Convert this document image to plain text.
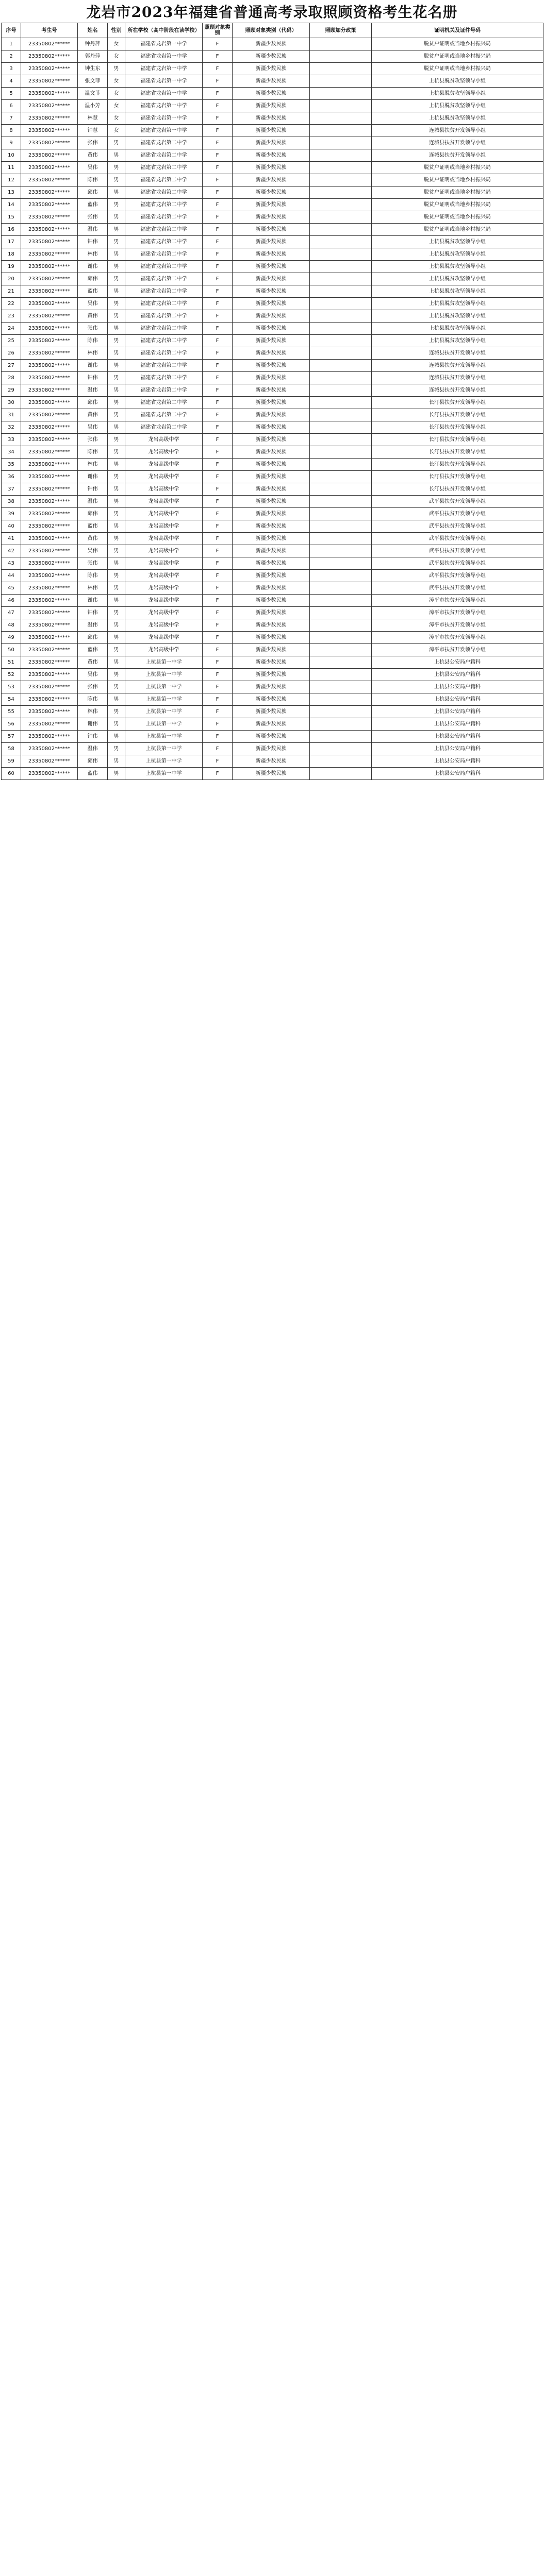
龙岩市2023年福建省普通高考录取照顾资格考生花名册
序号	考生号	姓名	性别	所在学校（高中阶段在读学校）	照顾对象类别	照顾对象类别（代码）	照顾加分政策	证明机关及证件号码
1	23350802******	钟丹萍	女	福建省龙岩第一中学	F	新疆少数民族		脱贫户证明或当地乡村振兴局
2	23350802******	郭丹萍	女	福建省龙岩第一中学	F	新疆少数民族		脱贫户证明或当地乡村振兴局
3	23350802******	钟生东	男	福建省龙岩第一中学	F	新疆少数民族		脱贫户证明或当地乡村振兴局
4	23350802******	张文菲	女	福建省龙岩第一中学	F	新疆少数民族		上杭县脱贫攻坚领导小组
5	23350802******	温文菲	女	福建省龙岩第一中学	F	新疆少数民族		上杭县脱贫攻坚领导小组
6	23350802******	温小芳	女	福建省龙岩第一中学	F	新疆少数民族		上杭县脱贫攻坚领导小组
7	23350802******	林慧	女	福建省龙岩第一中学	F	新疆少数民族		上杭县脱贫攻坚领导小组
8	23350802******	钟慧	女	福建省龙岩第一中学	F	新疆少数民族		连城县扶贫开发领导小组
9	23350802******	张伟	男	福建省龙岩第二中学	F	新疆少数民族		连城县扶贫开发领导小组
10	23350802******	黄伟	男	福建省龙岩第二中学	F	新疆少数民族		连城县扶贫开发领导小组
11	23350802******	吴伟	男	福建省龙岩第二中学	F	新疆少数民族		脱贫户证明或当地乡村振兴局
12	23350802******	陈伟	男	福建省龙岩第二中学	F	新疆少数民族		脱贫户证明或当地乡村振兴局
13	23350802******	邱伟	男	福建省龙岩第二中学	F	新疆少数民族		脱贫户证明或当地乡村振兴局
14	23350802******	蓝伟	男	福建省龙岩第二中学	F	新疆少数民族		脱贫户证明或当地乡村振兴局
15	23350802******	张伟	男	福建省龙岩第二中学	F	新疆少数民族		脱贫户证明或当地乡村振兴局
16	23350802******	温伟	男	福建省龙岩第二中学	F	新疆少数民族		脱贫户证明或当地乡村振兴局
17	23350802******	钟伟	男	福建省龙岩第二中学	F	新疆少数民族		上杭县脱贫攻坚领导小组
18	23350802******	林伟	男	福建省龙岩第二中学	F	新疆少数民族		上杭县脱贫攻坚领导小组
19	23350802******	谢伟	男	福建省龙岩第二中学	F	新疆少数民族		上杭县脱贫攻坚领导小组
20	23350802******	邱伟	男	福建省龙岩第二中学	F	新疆少数民族		上杭县脱贫攻坚领导小组
21	23350802******	蓝伟	男	福建省龙岩第二中学	F	新疆少数民族		上杭县脱贫攻坚领导小组
22	23350802******	吴伟	男	福建省龙岩第二中学	F	新疆少数民族		上杭县脱贫攻坚领导小组
23	23350802******	黄伟	男	福建省龙岩第二中学	F	新疆少数民族		上杭县脱贫攻坚领导小组
24	23350802******	张伟	男	福建省龙岩第二中学	F	新疆少数民族		上杭县脱贫攻坚领导小组
25	23350802******	陈伟	男	福建省龙岩第二中学	F	新疆少数民族		上杭县脱贫攻坚领导小组
26	23350802******	林伟	男	福建省龙岩第二中学	F	新疆少数民族		连城县扶贫开发领导小组
27	23350802******	谢伟	男	福建省龙岩第二中学	F	新疆少数民族		连城县扶贫开发领导小组
28	23350802******	钟伟	男	福建省龙岩第二中学	F	新疆少数民族		连城县扶贫开发领导小组
29	23350802******	温伟	男	福建省龙岩第二中学	F	新疆少数民族		连城县扶贫开发领导小组
30	23350802******	邱伟	男	福建省龙岩第二中学	F	新疆少数民族		长汀县扶贫开发领导小组
31	23350802******	黄伟	男	福建省龙岩第二中学	F	新疆少数民族		长汀县扶贫开发领导小组
32	23350802******	吴伟	男	福建省龙岩第二中学	F	新疆少数民族		长汀县扶贫开发领导小组
33	23350802******	张伟	男	龙岩高级中学	F	新疆少数民族		长汀县扶贫开发领导小组
34	23350802******	陈伟	男	龙岩高级中学	F	新疆少数民族		长汀县扶贫开发领导小组
35	23350802******	林伟	男	龙岩高级中学	F	新疆少数民族		长汀县扶贫开发领导小组
36	23350802******	谢伟	男	龙岩高级中学	F	新疆少数民族		长汀县扶贫开发领导小组
37	23350802******	钟伟	男	龙岩高级中学	F	新疆少数民族		长汀县扶贫开发领导小组
38	23350802******	温伟	男	龙岩高级中学	F	新疆少数民族		武平县扶贫开发领导小组
39	23350802******	邱伟	男	龙岩高级中学	F	新疆少数民族		武平县扶贫开发领导小组
40	23350802******	蓝伟	男	龙岩高级中学	F	新疆少数民族		武平县扶贫开发领导小组
41	23350802******	黄伟	男	龙岩高级中学	F	新疆少数民族		武平县扶贫开发领导小组
42	23350802******	吴伟	男	龙岩高级中学	F	新疆少数民族		武平县扶贫开发领导小组
43	23350802******	张伟	男	龙岩高级中学	F	新疆少数民族		武平县扶贫开发领导小组
44	23350802******	陈伟	男	龙岩高级中学	F	新疆少数民族		武平县扶贫开发领导小组
45	23350802******	林伟	男	龙岩高级中学	F	新疆少数民族		武平县扶贫开发领导小组
46	23350802******	谢伟	男	龙岩高级中学	F	新疆少数民族		漳平市扶贫开发领导小组
47	23350802******	钟伟	男	龙岩高级中学	F	新疆少数民族		漳平市扶贫开发领导小组
48	23350802******	温伟	男	龙岩高级中学	F	新疆少数民族		漳平市扶贫开发领导小组
49	23350802******	邱伟	男	龙岩高级中学	F	新疆少数民族		漳平市扶贫开发领导小组
50	23350802******	蓝伟	男	龙岩高级中学	F	新疆少数民族		漳平市扶贫开发领导小组
51	23350802******	黄伟	男	上杭县第一中学	F	新疆少数民族		上杭县公安局户籍科
52	23350802******	吴伟	男	上杭县第一中学	F	新疆少数民族		上杭县公安局户籍科
53	23350802******	张伟	男	上杭县第一中学	F	新疆少数民族		上杭县公安局户籍科
54	23350802******	陈伟	男	上杭县第一中学	F	新疆少数民族		上杭县公安局户籍科
55	23350802******	林伟	男	上杭县第一中学	F	新疆少数民族		上杭县公安局户籍科
56	23350802******	谢伟	男	上杭县第一中学	F	新疆少数民族		上杭县公安局户籍科
57	23350802******	钟伟	男	上杭县第一中学	F	新疆少数民族		上杭县公安局户籍科
58	23350802******	温伟	男	上杭县第一中学	F	新疆少数民族		上杭县公安局户籍科
59	23350802******	邱伟	男	上杭县第一中学	F	新疆少数民族		上杭县公安局户籍科
60	23350802******	蓝伟	男	上杭县第一中学	F	新疆少数民族		上杭县公安局户籍科
